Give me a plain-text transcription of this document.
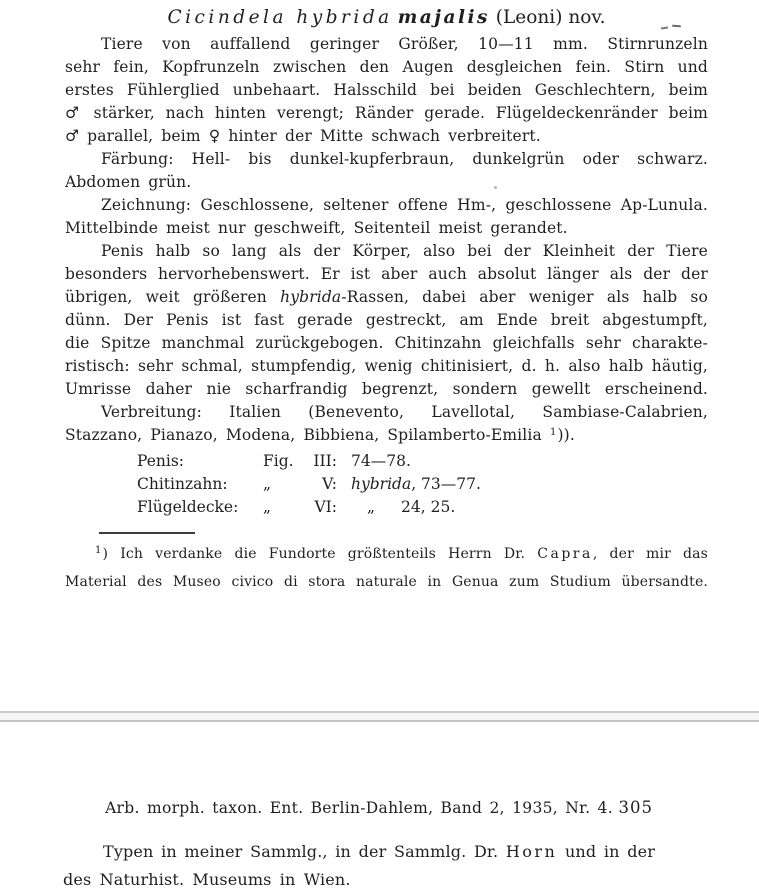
Cicindela hybrida majalis (Leoni) nov.
Tiere von auffallend geringer Größer, 10—11 mm. Stirnrunzeln
sehr fein, Kopfrunzeln zwischen den Augen desgleichen fein. Stirn und
erstes Fühlerglied unbehaart. Halsschild bei beiden Geschlechtern, beim
♂ stärker, nach hinten verengt; Ränder gerade. Flügeldeckenränder beim
♂ parallel, beim ♀ hinter der Mitte schwach verbreitert.
Färbung: Hell- bis dunkel-kupferbraun, dunkelgrün oder schwarz.
Abdomen grün.
Zeichnung: Geschlossene, seltener offene Hm-, geschlossene Ap-Lunula.
Mittelbinde meist nur geschweift, Seitenteil meist gerandet.
Penis halb so lang als der Körper, also bei der Kleinheit der Tiere
besonders hervorhebenswert. Er ist aber auch absolut länger als der der
übrigen, weit größeren hybrida-Rassen, dabei aber weniger als halb so
dünn. Der Penis ist fast gerade gestreckt, am Ende breit abgestumpft,
die Spitze manchmal zurückgebogen. Chitinzahn gleichfalls sehr charakte-
ristisch: sehr schmal, stumpfendig, wenig chitinisiert, d. h. also halb häutig,
Umrisse daher nie scharfrandig begrenzt, sondern gewellt erscheinend.
Verbreitung: Italien (Benevento, Lavellotal, Sambiase-Calabrien,
Stazzano, Pianazo, Modena, Bibbiena, Spilamberto-Emilia $^1$)).
Penis:	Fig. III: 74—78.
Chitinzahn:	„	V: hybrida, 73—77.
Flügeldecke:	„	VI:	„ 24, 25.
$^1$) Ich verdanke die Fundorte größtenteils Herrn Dr. Capra, der mir das
Material des Museo civico di stora naturale in Genua zum Studium übersandte.
Arb. morph. taxon. Ent. Berlin-Dahlem, Band 2, 1935, Nr. 4. 305
Typen in meiner Sammlg., in der Sammlg. Dr. Horn und in der
des Naturhist. Museums in Wien.
